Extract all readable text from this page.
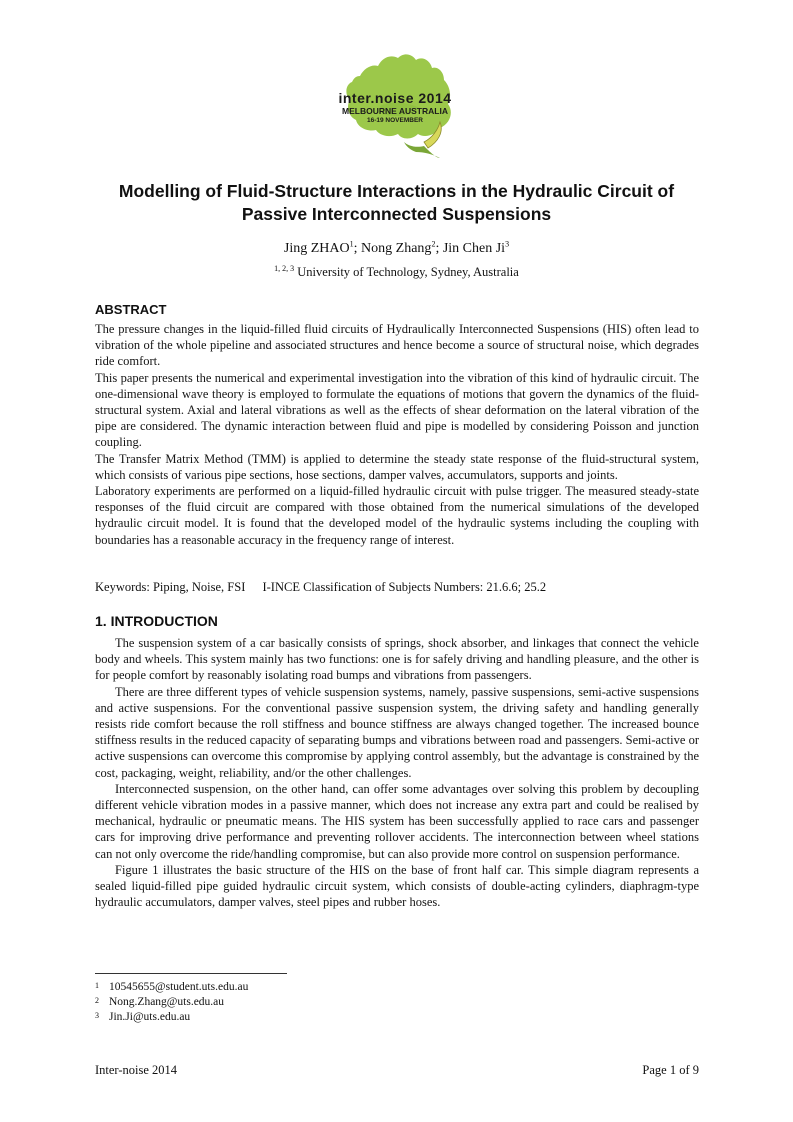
inter.noise 2014
MELBOURNE AUSTRALIA
16-19 NOVEMBER
Modelling of Fluid-Structure Interactions in the Hydraulic Circuit of Passive Interconnected Suspensions
Jing ZHAO$^1$; Nong Zhang$^2$; Jin Chen Ji$^3$
$^{1, 2, 3}$ University of Technology, Sydney, Australia
ABSTRACT

The pressure changes in the liquid-filled fluid circuits of Hydraulically Interconnected Suspensions (HIS) often lead to vibration of the whole pipeline and associated structures and hence become a source of structural noise, which degrades ride comfort.

This paper presents the numerical and experimental investigation into the vibration of this kind of hydraulic circuit. The one-dimensional wave theory is employed to formulate the equations of motions that govern the dynamics of the fluid-structural system. Axial and lateral vibrations as well as the effects of shear deformation on the lateral vibration of the pipe are considered. The dynamic interaction between fluid and pipe is modelled by considering Poisson and junction coupling.

The Transfer Matrix Method (TMM) is applied to determine the steady state response of the fluid-structural system, which consists of various pipe sections, hose sections, damper valves, accumulators, supports and joints.

Laboratory experiments are performed on a liquid-filled hydraulic circuit with pulse trigger. The measured steady-state responses of the fluid circuit are compared with those obtained from the numerical simulations of the developed hydraulic circuit model. It is found that the developed model of the hydraulic systems including the coupling with boundaries has a reasonable accuracy in the frequency range of interest.

Keywords: Piping, Noise, FSI I-INCE Classification of Subjects Numbers: 21.6.6; 25.2
1. INTRODUCTION

The suspension system of a car basically consists of springs, shock absorber, and linkages that connect the vehicle body and wheels. This system mainly has two functions: one is for safely driving and handling pleasure, and the other is for people comfort by reasonably isolating road bumps and vibrations from passengers.

There are three different types of vehicle suspension systems, namely, passive suspensions, semi-active suspensions and active suspensions. For the conventional passive suspension system, the driving safety and handling generally resists ride comfort because the roll stiffness and bounce stiffness are always changed together. The increased bounce stiffness results in the reduced capacity of separating bumps and vibrations between road and passengers. Semi-active or active suspensions can overcome this compromise by applying control assembly, but the advantage is constrained by the cost, packaging, weight, reliability, and/or the other challenges.

Interconnected suspension, on the other hand, can offer some advantages over solving this problem by decoupling different vehicle vibration modes in a passive manner, which does not increase any extra part and could be realised by mechanical, hydraulic or pneumatic means. The HIS system has been successfully applied to race cars and passenger cars for improving drive performance and preventing rollover accidents. The interconnection between wheel stations can not only overcome the ride/handling compromise, but can also provide more control on suspension performance.

Figure 1 illustrates the basic structure of the HIS on the base of front half car. This simple diagram represents a sealed liquid-filled pipe guided hydraulic circuit system, which consists of double-acting cylinders, diaphragm-type hydraulic accumulators, damper valves, steel pipes and rubber hoses.

1 10545655@student.uts.edu.au
2 Nong.Zhang@uts.edu.au
3 Jin.Ji@uts.edu.au
Inter-noise 2014	Page 1 of 9
